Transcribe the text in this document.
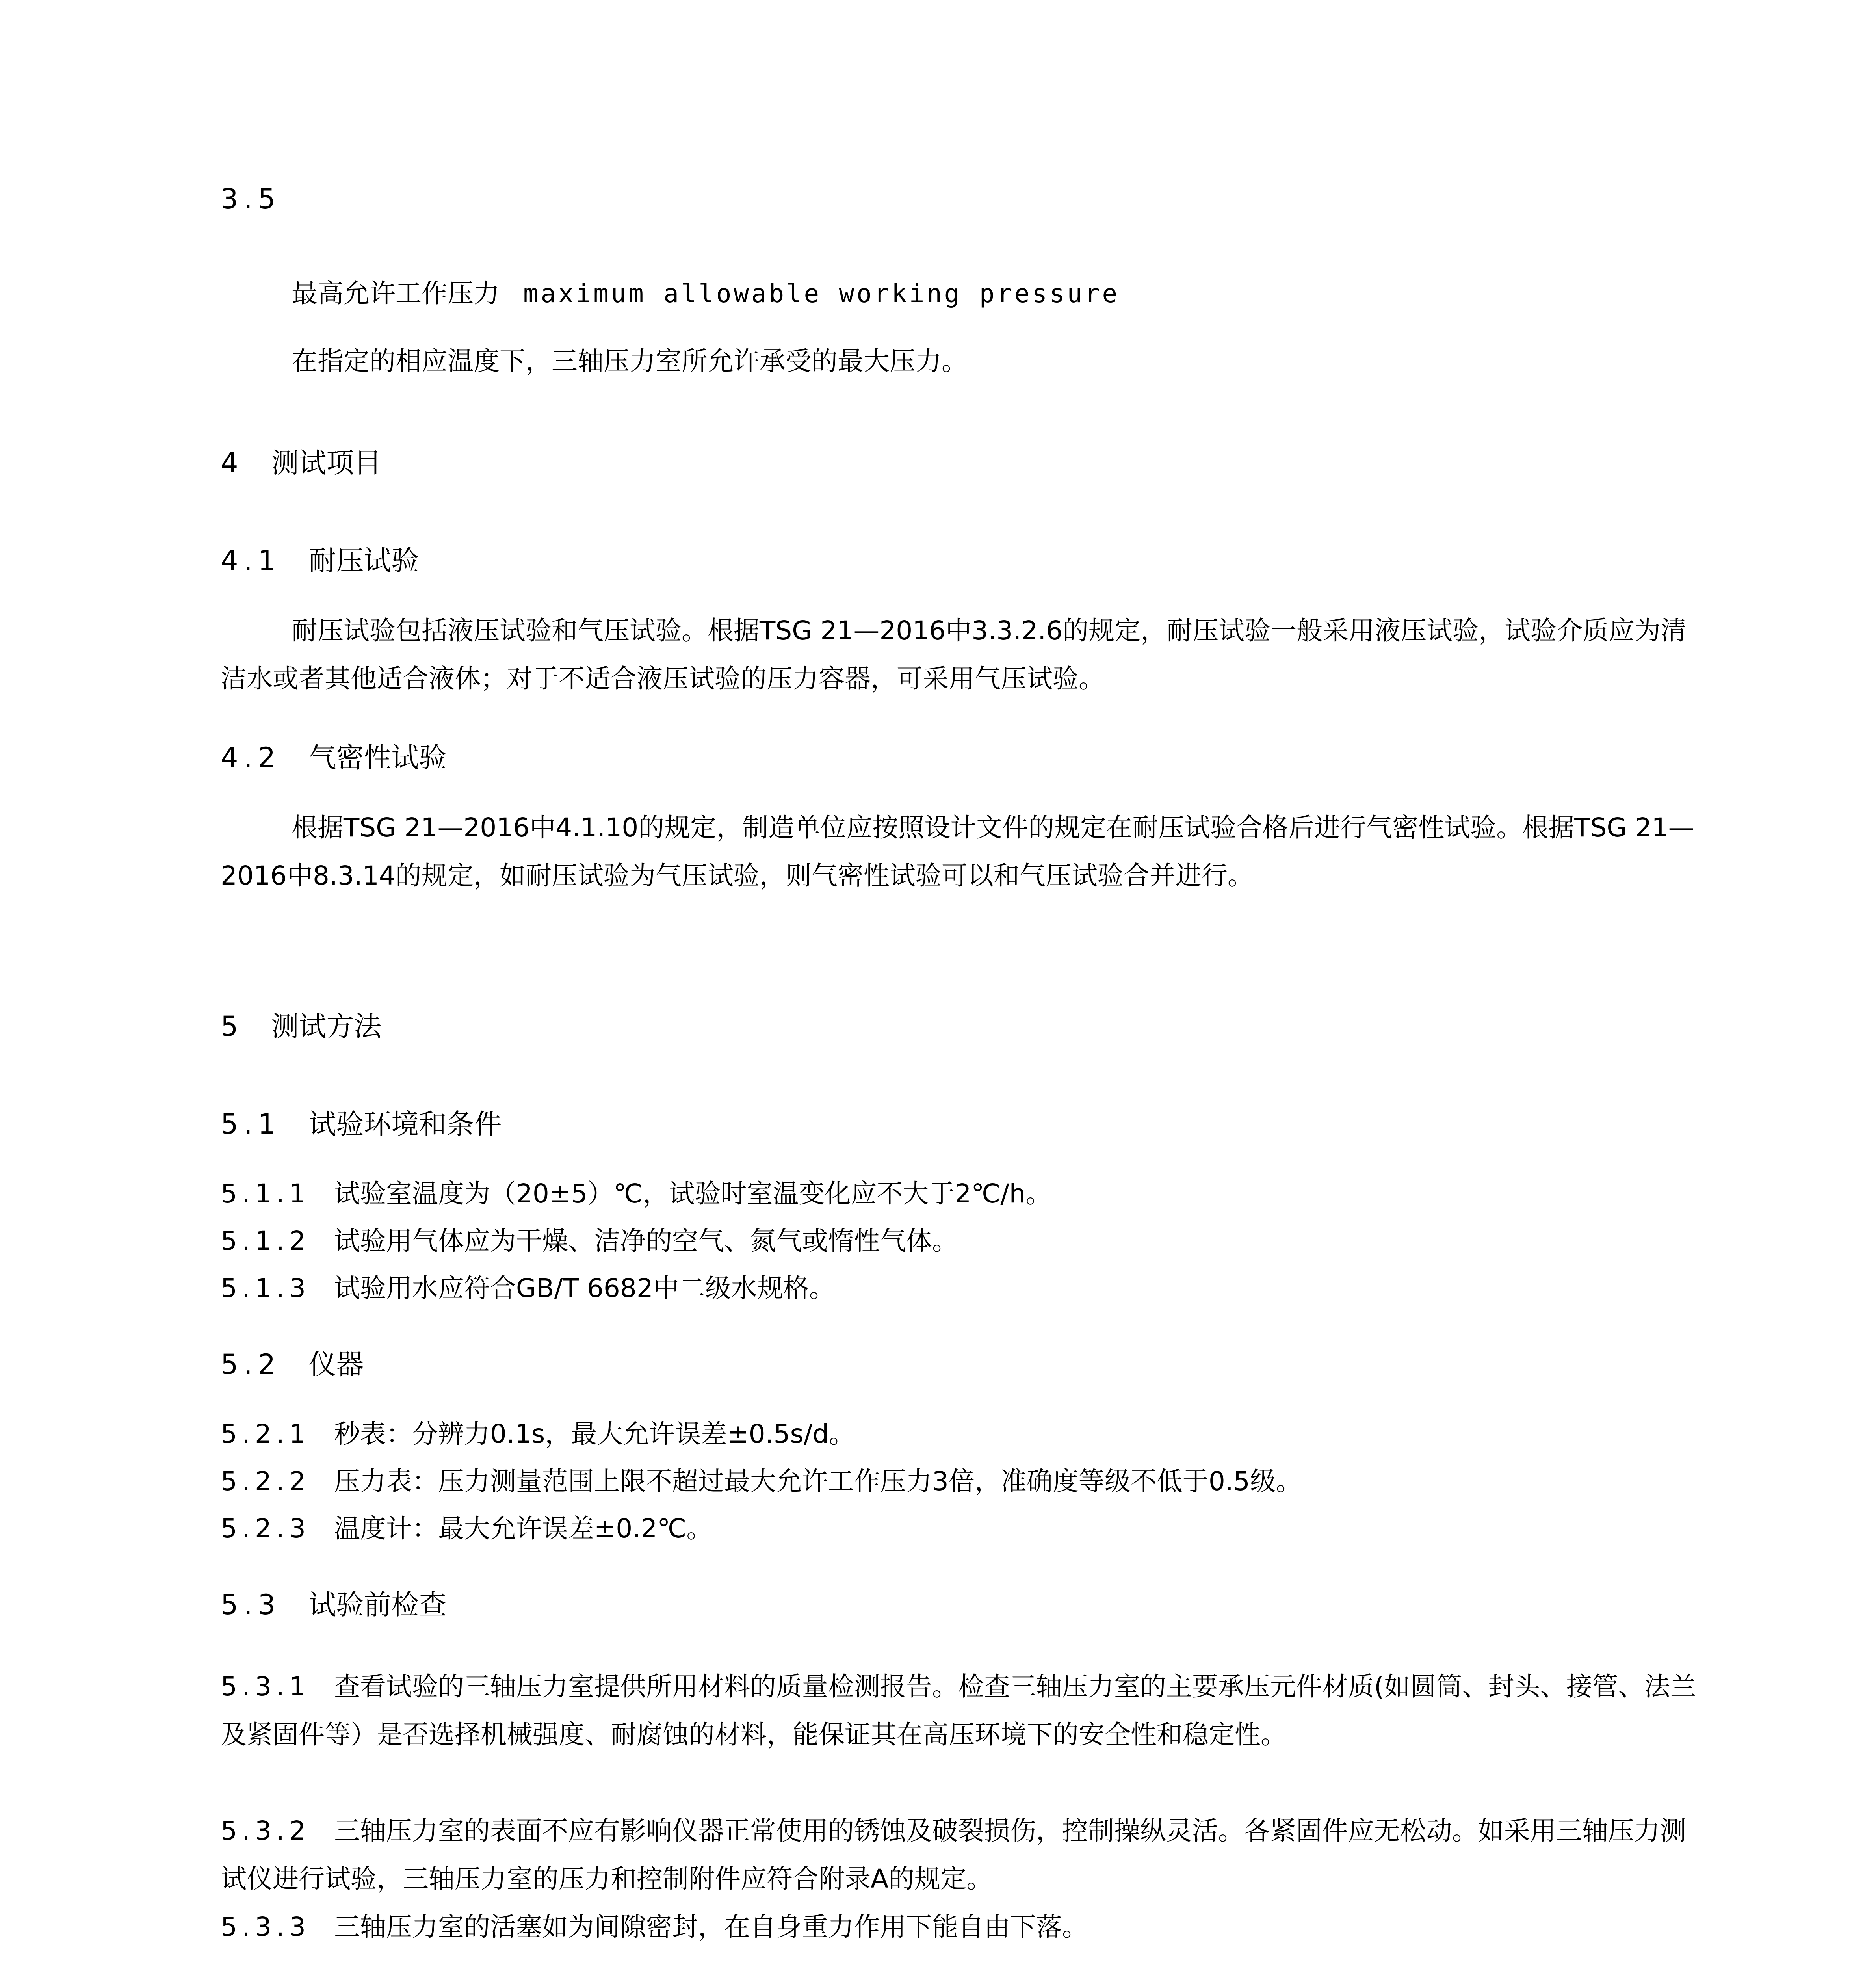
3.5
最高允许工作压力 maximum allowable working pressure
在指定的相应温度下，三轴压力室所允许承受的最大压力。
4 测试项目
4.1 耐压试验

耐压试验包括液压试验和气压试验。根据TSG 21—2016中3.3.2.6的规定，耐压试验一般采用液压试验，试验介质应为清洁水或者其他适合液体；对于不适合液压试验的压力容器，可采用气压试验。

4.2 气密性试验

根据TSG 21—2016中4.1.10的规定，制造单位应按照设计文件的规定在耐压试验合格后进行气密性试验。根据TSG 21—2016中8.3.14的规定，如耐压试验为气压试验，则气密性试验可以和气压试验合并进行。

5 测试方法
5.1 试验环境和条件
5.1.1 试验室温度为（20±5）℃，试验时室温变化应不大于2℃/h。
5.1.2 试验用气体应为干燥、洁净的空气、氮气或惰性气体。
5.1.3 试验用水应符合GB/T 6682中二级水规格。
5.2 仪器
5.2.1 秒表：分辨力0.1s，最大允许误差±0.5s/d。
5.2.2 压力表：压力测量范围上限不超过最大允许工作压力3倍，准确度等级不低于0.5级。
5.2.3 温度计：最大允许误差±0.2℃。
5.3 试验前检查
5.3.1 查看试验的三轴压力室提供所用材料的质量检测报告。检查三轴压力室的主要承压元件材质(如圆筒、封头、接管、法兰及紧固件等）是否选择机械强度、耐腐蚀的材料，能保证其在高压环境下的安全性和稳定性。
5.3.2 三轴压力室的表面不应有影响仪器正常使用的锈蚀及破裂损伤，控制操纵灵活。各紧固件应无松动。如采用三轴压力测试仪进行试验，三轴压力室的压力和控制附件应符合附录A的规定。
5.3.3 三轴压力室的活塞如为间隙密封，在自身重力作用下能自由下落。
